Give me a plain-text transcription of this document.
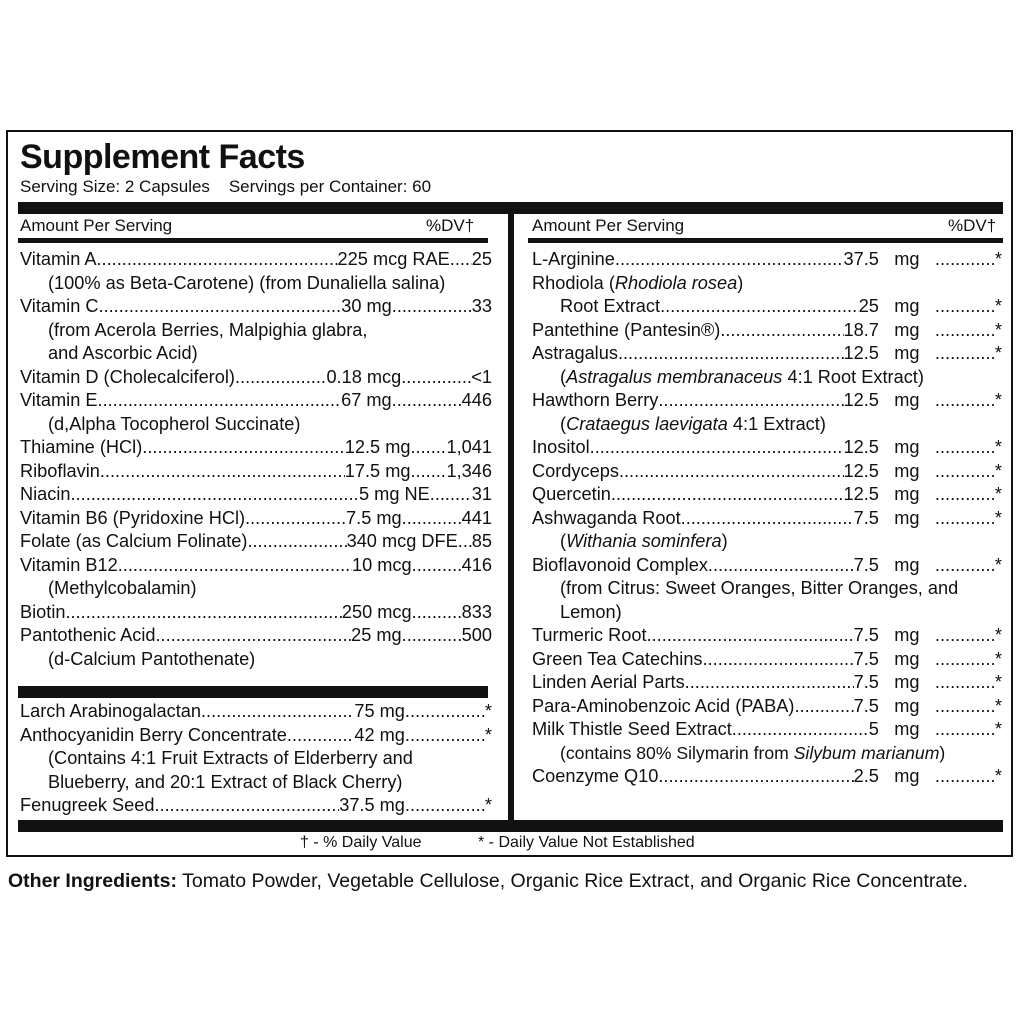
Supplement Facts
Serving Size: 2 Capsules Servings per Container: 60
Amount Per Serving	%DV†	Amount Per Serving	%DV†
Vitamin A .....	225 mcg RAE ..... 25
(100% as Beta-Carotene) (from Dunaliella salina)
Vitamin C .....	30 mg .....	33
(from Acerola Berries, Malpighia glabra,
and Ascorbic Acid)
Vitamin D (Cholecalciferol) .....	0.18 mcg .....	<1
Vitamin E .....	67 mg .....	446
(d,Alpha Tocopherol Succinate)
Thiamine (HCl) .....	12.5 mg ..... 1,041
Riboflavin .....	17.5 mg ..... 1,346
Niacin .....	5 mg NE ..... 31
Vitamin B6 (Pyridoxine HCl) .....	7.5 mg .....	441
Folate (as Calcium Folinate) .....	340 mcg DFE ..... 85
Vitamin B12 .....	10 mcg .....	416
(Methylcobalamin)
Biotin .....	250 mcg .....	833
Pantothenic Acid .....	25 mg .....	500
(d-Calcium Pantothenate)
Larch Arabinogalactan .....	75 mg .....	*
Anthocyanidin Berry Concentrate .....	42 mg .....	*
(Contains 4:1 Fruit Extracts of Elderberry and
Blueberry, and 20:1 Extract of Black Cherry)
Fenugreek Seed .....	37.5 mg .....	*
L-Arginine .....	37.5 mg .....	*
Rhodiola (Rhodiola rosea)
Root Extract .....	25 mg .....	*
Pantethine (Pantesin®) .....	18.7 mg .....	*
Astragalus .....	12.5 mg .....	*
(Astragalus membranaceus 4:1 Root Extract)
Hawthorn Berry .....	12.5 mg .....	*
(Crataegus laevigata 4:1 Extract)
Inositol .....	12.5 mg .....	*
Cordyceps .....	12.5 mg .....	*
Quercetin .....	12.5 mg .....	*
Ashwaganda Root .....	7.5 mg .....	*
(Withania sominfera)
Bioflavonoid Complex .....	7.5 mg .....	*
(from Citrus: Sweet Oranges, Bitter Oranges, and
Lemon)
Turmeric Root .....	7.5 mg .....	*
Green Tea Catechins .....	7.5 mg .....	*
Linden Aerial Parts .....	7.5 mg .....	*
Para-Aminobenzoic Acid (PABA) .....	7.5 mg .....	*
Milk Thistle Seed Extract .....	5 mg .....	*
(contains 80% Silymarin from Silybum marianum)
Coenzyme Q10 .....	2.5 mg .....	*
† - % Daily Value	* - Daily Value Not Established
Other Ingredients: Tomato Powder, Vegetable Cellulose, Organic Rice Extract, and Organic Rice Concentrate.
